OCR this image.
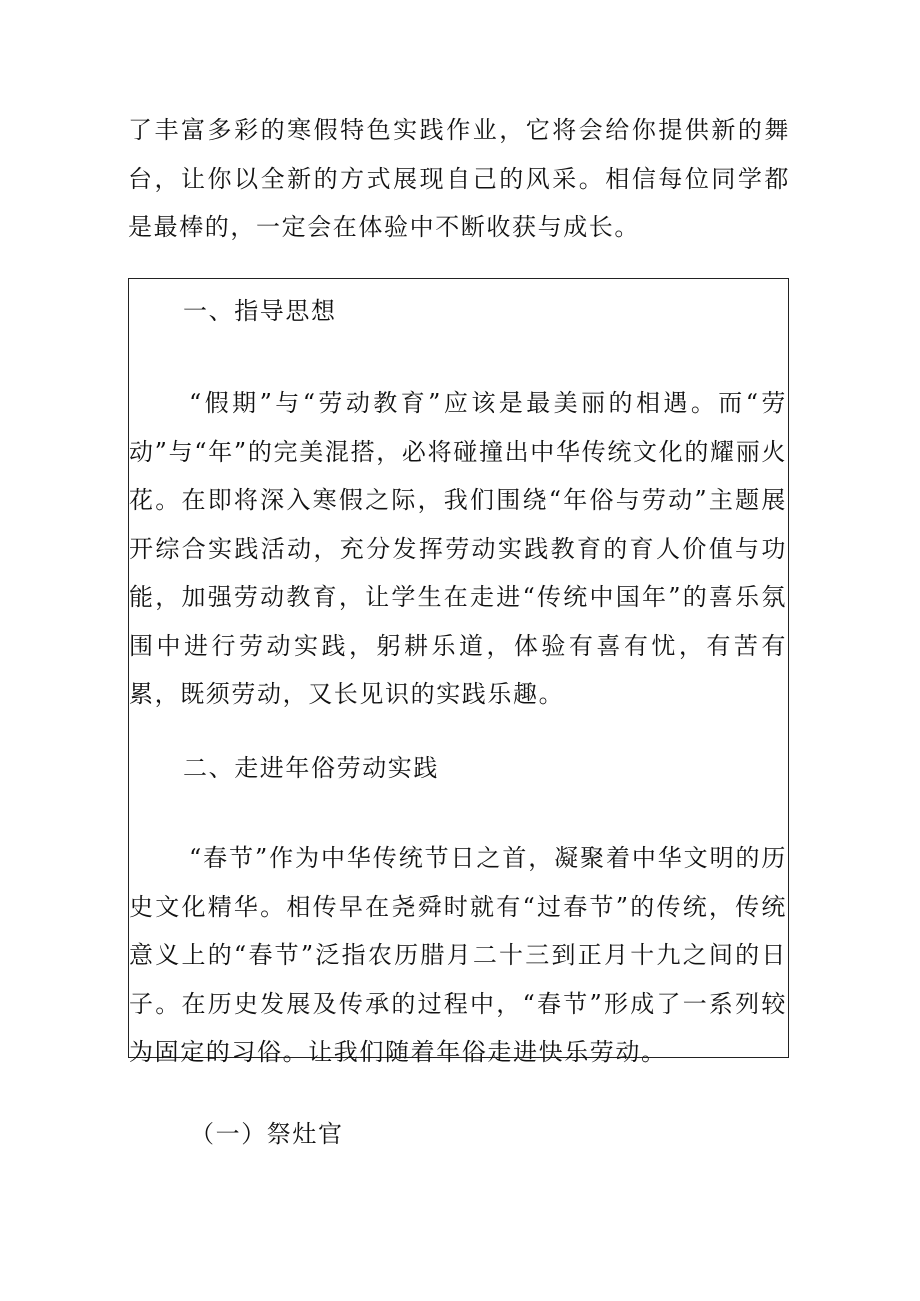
了丰富多彩的寒假特色实践作业，它将会给你提供新的舞台，让你以全新的方式展现自己的风采。相信每位同学都是最棒的，一定会在体验中不断收获与成长。

一、指导思想

“假期”与“劳动教育”应该是最美丽的相遇。而“劳动”与“年”的完美混搭，必将碰撞出中华传统文化的耀丽火花。在即将深入寒假之际，我们围绕“年俗与劳动”主题展开综合实践活动，充分发挥劳动实践教育的育人价值与功能，加强劳动教育，让学生在走进“传统中国年”的喜乐氛围中进行劳动实践，躬耕乐道，体验有喜有忧，有苦有累，既须劳动，又长见识的实践乐趣。

二、走进年俗劳动实践

“春节”作为中华传统节日之首，凝聚着中华文明的历史文化精华。相传早在尧舜时就有“过春节”的传统，传统意义上的“春节”泛指农历腊月二十三到正月十九之间的日子。在历史发展及传承的过程中，“春节”形成了一系列较为固定的习俗。让我们随着年俗走进快乐劳动。

（一）祭灶官
